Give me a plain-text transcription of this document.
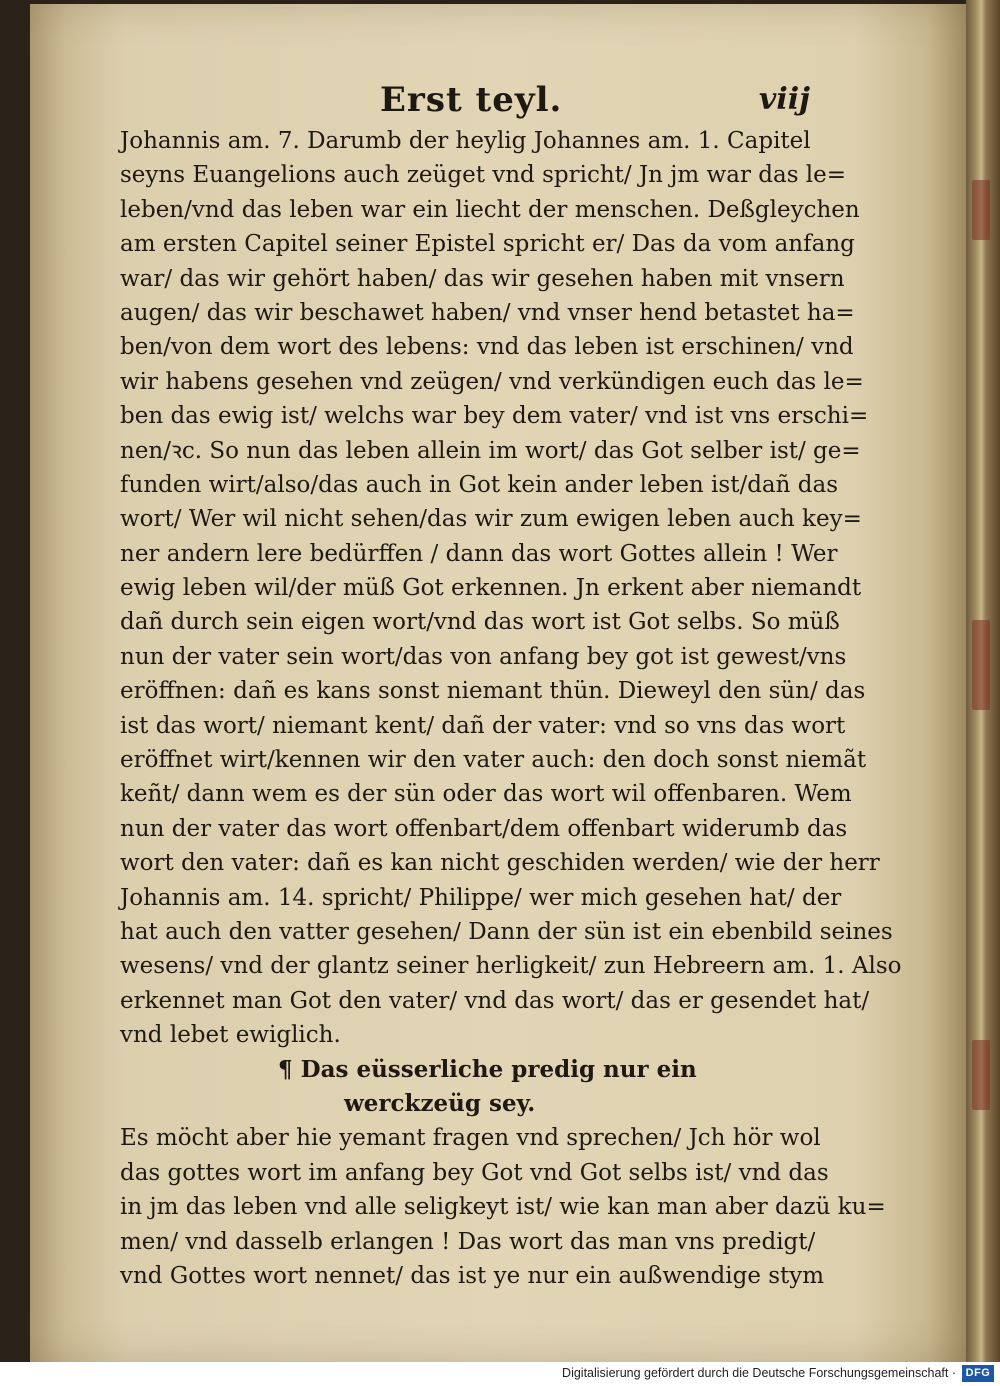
Erst teyl.	viij
Johannis am. 7. Darumb der heylig Johannes am. 1. Capitel
seyns Euangelions auch zeüget vnd spricht/ Jn jm war das le=
leben/vnd das leben war ein liecht der menschen. Deßgleychen
am ersten Capitel seiner Epistel spricht er/ Das da vom anfang
war/ das wir gehört haben/ das wir gesehen haben mit vnsern
augen/ das wir beschawet haben/ vnd vnser hend betastet ha=
ben/von dem wort des lebens: vnd das leben ist erschinen/ vnd
wir habens gesehen vnd zeügen/ vnd verkündigen euch das le=
ben das ewig ist/ welchs war bey dem vater/ vnd ist vns erschi=
nen/ꝛc. So nun das leben allein im wort/ das Got selber ist/ ge=
funden wirt/also/das auch in Got kein ander leben ist/dañ das
wort/ Wer wil nicht sehen/das wir zum ewigen leben auch key=
ner andern lere bedürffen / dann das wort Gottes allein ! Wer
ewig leben wil/der müß Got erkennen. Jn erkent aber niemandt
dañ durch sein eigen wort/vnd das wort ist Got selbs. So müß
nun der vater sein wort/das von anfang bey got ist gewest/vns
eröffnen: dañ es kans sonst niemant thün. Dieweyl den sün/ das
ist das wort/ niemant kent/ dañ der vater: vnd so vns das wort
eröffnet wirt/kennen wir den vater auch: den doch sonst niemãt
keñt/ dann wem es der sün oder das wort wil offenbaren. Wem
nun der vater das wort offenbart/dem offenbart widerumb das
wort den vater: dañ es kan nicht geschiden werden/ wie der herr
Johannis am. 14. spricht/ Philippe/ wer mich gesehen hat/ der
hat auch den vatter gesehen/ Dann der sün ist ein ebenbild seines
wesens/ vnd der glantz seiner herligkeit/ zun Hebreern am. 1. Also
erkennet man Got den vater/ vnd das wort/ das er gesendet hat/
vnd lebet ewiglich.
¶ Das eüsserliche predig nur ein
werckzeüg sey.
Es möcht aber hie yemant fragen vnd sprechen/ Jch hör wol
das gottes wort im anfang bey Got vnd Got selbs ist/ vnd das
in jm das leben vnd alle seligkeyt ist/ wie kan man aber dazü ku=
men/ vnd dasselb erlangen ! Das wort das man vns predigt/
vnd Gottes wort nennet/ das ist ye nur ein außwendige stym
Digitalisierung gefördert durch die Deutsche Forschungsgemeinschaft · DFG
